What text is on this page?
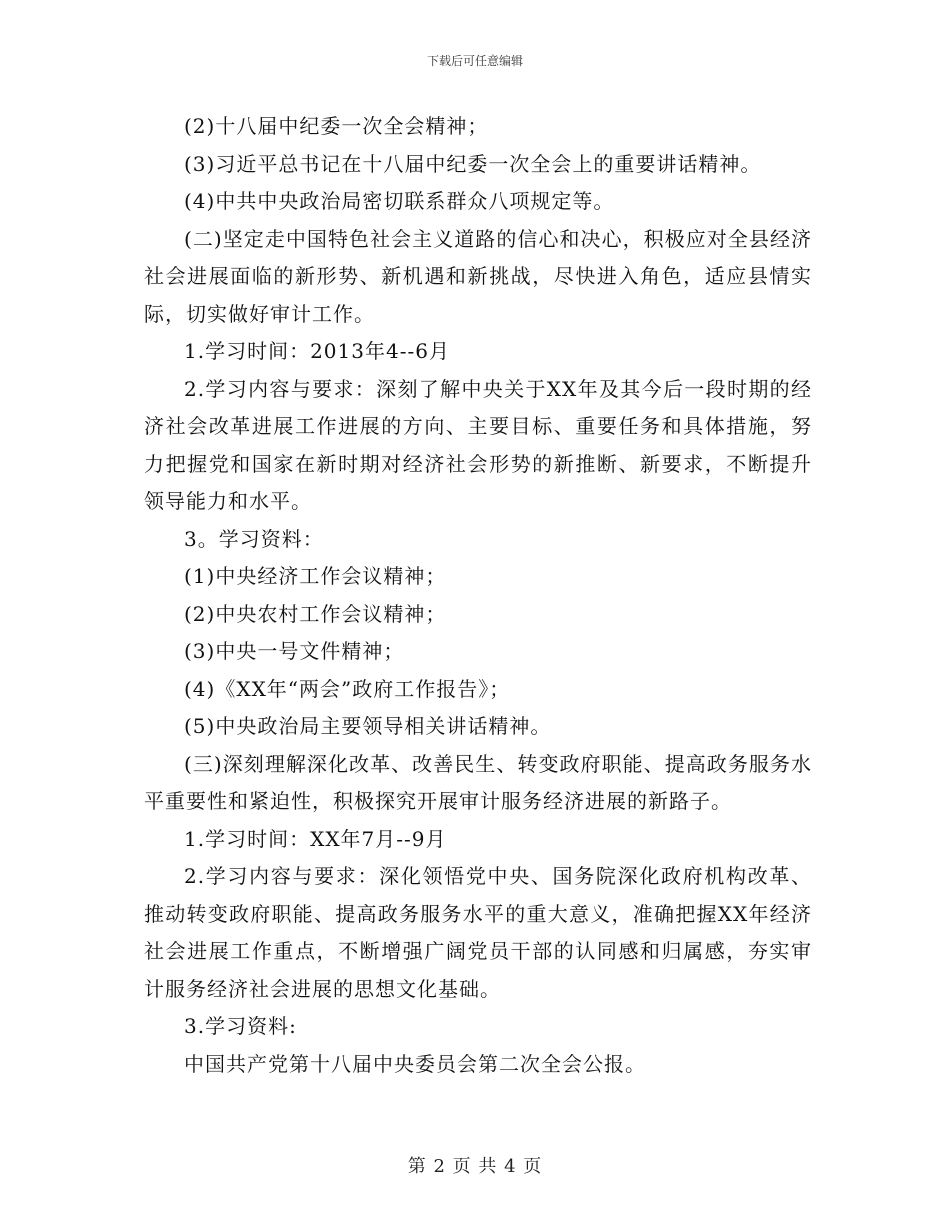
下载后可任意编辑

(2)十八届中纪委一次全会精神；

(3)习近平总书记在十八届中纪委一次全会上的重要讲话精神。

(4)中共中央政治局密切联系群众八项规定等。

(二)坚定走中国特色社会主义道路的信心和决心，积极应对全县经济社会进展面临的新形势、新机遇和新挑战，尽快进入角色，适应县情实际，切实做好审计工作。

1.学习时间：2013年4--6月

2.学习内容与要求：深刻了解中央关于XX年及其今后一段时期的经济社会改革进展工作进展的方向、主要目标、重要任务和具体措施，努力把握党和国家在新时期对经济社会形势的新推断、新要求，不断提升领导能力和水平。

3。学习资料：

(1)中央经济工作会议精神；

(2)中央农村工作会议精神；

(3)中央一号文件精神；

(4)《XX年“两会”政府工作报告》；

(5)中央政治局主要领导相关讲话精神。

(三)深刻理解深化改革、改善民生、转变政府职能、提高政务服务水平重要性和紧迫性，积极探究开展审计服务经济进展的新路子。

1.学习时间：XX年7月--9月

2.学习内容与要求：深化领悟党中央、国务院深化政府机构改革、推动转变政府职能、提高政务服务水平的重大意义，准确把握XX年经济社会进展工作重点，不断增强广阔党员干部的认同感和归属感，夯实审计服务经济社会进展的思想文化基础。

3.学习资料:

中国共产党第十八届中央委员会第二次全会公报。

第 2 页 共 4 页
